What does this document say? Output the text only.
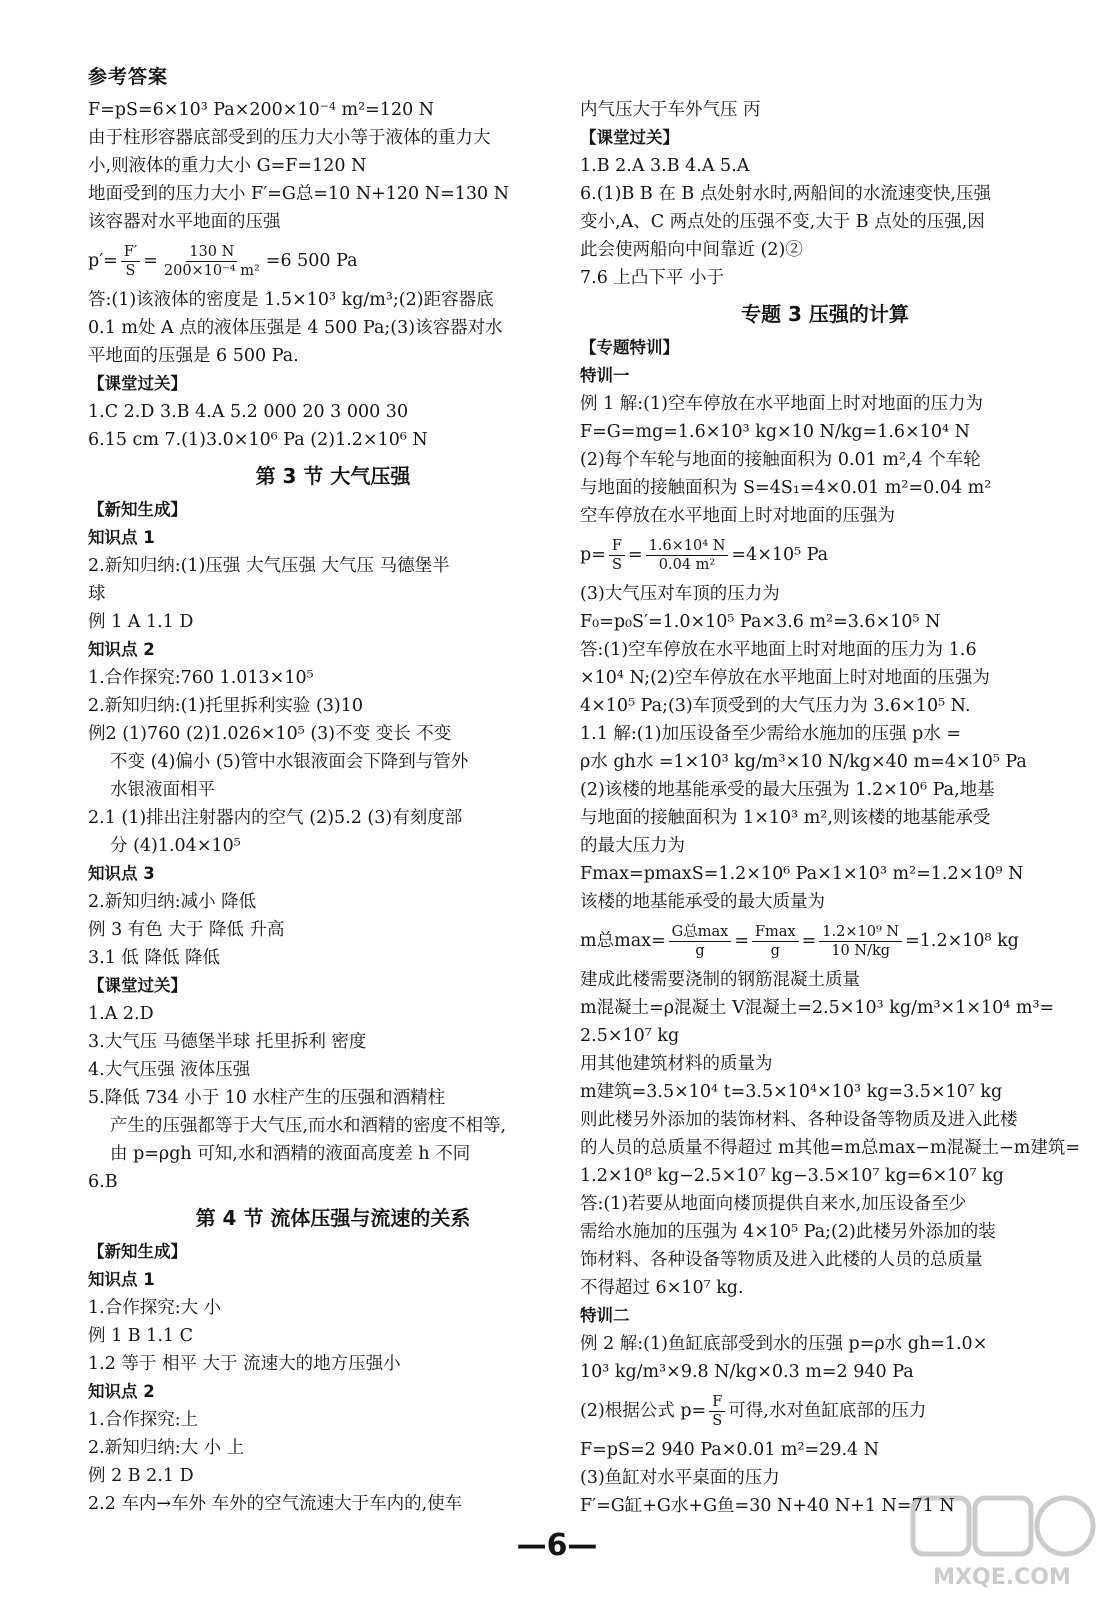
参考答案
F=pS=6×10³ Pa×200×10⁻⁴ m²=120 N
由于柱形容器底部受到的压力大小等于液体的重力大
小,则液体的重力大小 G=F=120 N
地面受到的压力大小 F′=G总=10 N+120 N=130 N
该容器对水平地面的压强
$p'= \frac{F'}{S} = \frac{130 N}{\text{200×10⁻⁴ m²}} =6$ 500 Pa
答:(1)该液体的密度是 1.5×10³ kg/m³;(2)距容器底
0.1 m处 A 点的液体压强是 4 500 Pa;(3)该容器对水
平地面的压强是 6 500 Pa.
【课堂过关】
1.C 2.D 3.B 4.A 5.2 000 20 3 000 30
6.15 cm 7.(1)3.0×10⁶ Pa (2)1.2×10⁶ N
第 3 节 大气压强
【新知生成】
知识点 1
2.新知归纳:(1)压强 大气压强 大气压 马德堡半
球
例 1 A 1.1 D
知识点 2
1.合作探究:760 1.013×10⁵
2.新知归纳:(1)托里拆利实验 (3)10
例2 (1)760 (2)1.026×10⁵ (3)不变 变长 不变
不变 (4)偏小 (5)管中水银液面会下降到与管外
水银液面相平
2.1 (1)排出注射器内的空气 (2)5.2 (3)有刻度部
分 (4)1.04×10⁵
知识点 3
2.新知归纳:减小 降低
例 3 有色 大于 降低 升高
3.1 低 降低 降低
【课堂过关】
1.A 2.D
3.大气压 马德堡半球 托里拆利 密度
4.大气压强 液体压强
5.降低 734 小于 10 水柱产生的压强和酒精柱
产生的压强都等于大气压,而水和酒精的密度不相等,
由 p=ρgh 可知,水和酒精的液面高度差 h 不同
6.B
第 4 节 流体压强与流速的关系
【新知生成】
知识点 1
1.合作探究:大 小
例 1 B 1.1 C
1.2 等于 相平 大于 流速大的地方压强小
知识点 2
1.合作探究:上
2.新知归纳:大 小 上
例 2 B 2.1 D
2.2 车内→车外 车外的空气流速大于车内的,使车
内气压大于车外气压 丙
【课堂过关】
1.B 2.A 3.B 4.A 5.A
6.(1)B B 在 B 点处射水时,两船间的水流速变快,压强
变小,A、C 两点处的压强不变,大于 B 点处的压强,因
此会使两船向中间靠近 (2)②
7.6 上凸下平 小于
专题 3 压强的计算
【专题特训】
特训一
例 1 解:(1)空车停放在水平地面上时对地面的压力为
F=G=mg=1.6×10³ kg×10 N/kg=1.6×10⁴ N
(2)每个车轮与地面的接触面积为 0.01 m²,4 个车轮
与地面的接触面积为 S=4S₁=4×0.01 m²=0.04 m²
空车停放在水平地面上时对地面的压强为
$p= \frac{F}{S} = \frac{\text{1.6×10⁴ N}}{\text{0.04 m²}} =4\times 10^5$ Pa
(3)大气压对车顶的压力为
F₀=p₀S′=1.0×10⁵ Pa×3.6 m²=3.6×10⁵ N
答:(1)空车停放在水平地面上时对地面的压力为 1.6
×10⁴ N;(2)空车停放在水平地面上时对地面的压强为
4×10⁵ Pa;(3)车顶受到的大气压力为 3.6×10⁵ N.
1.1 解:(1)加压设备至少需给水施加的压强 p水 =
ρ水 gh水 =1×10³ kg/m³×10 N/kg×40 m=4×10⁵ Pa
(2)该楼的地基能承受的最大压强为 1.2×10⁶ Pa,地基
与地面的接触面积为 1×10³ m²,则该楼的地基能承受
的最大压力为
Fmax=pmaxS=1.2×10⁶ Pa×1×10³ m²=1.2×10⁹ N
该楼的地基能承受的最大质量为
m总$\max= \frac{\text{G总max}}{g} = \frac{Fmax}{g} = \frac{\text{1.2×10⁹ N}}{10 N/kg} =1.2\times 10^8$ kg
建成此楼需要浇制的钢筋混凝土质量
m混凝土=ρ混凝土 V混凝土=2.5×10³ kg/m³×1×10⁴ m³=
2.5×10⁷ kg
用其他建筑材料的质量为
m建筑=3.5×10⁴ t=3.5×10⁴×10³ kg=3.5×10⁷ kg
则此楼另外添加的装饰材料、各种设备等物质及进入此楼
的人员的总质量不得超过 m其他=m总max−m混凝土−m建筑=
1.2×10⁸ kg−2.5×10⁷ kg−3.5×10⁷ kg=6×10⁷ kg
答:(1)若要从地面向楼顶提供自来水,加压设备至少
需给水施加的压强为 4×10⁵ Pa;(2)此楼另外添加的装
饰材料、各种设备等物质及进入此楼的人员的总质量
不得超过 6×10⁷ kg.
特训二
例 2 解:(1)鱼缸底部受到水的压强 p=ρ水 gh=1.0×
10³ kg/m³×9.8 N/kg×0.3 m=2 940 Pa
(2)根据公式 $p= \frac{F}{S}$ 可得,水对鱼缸底部的压力
F=pS=2 940 Pa×0.01 m²=29.4 N
(3)鱼缸对水平桌面的压力
F′=G缸+G水+G鱼=30 N+40 N+1 N=71 N
—6—
MXQE.COM
